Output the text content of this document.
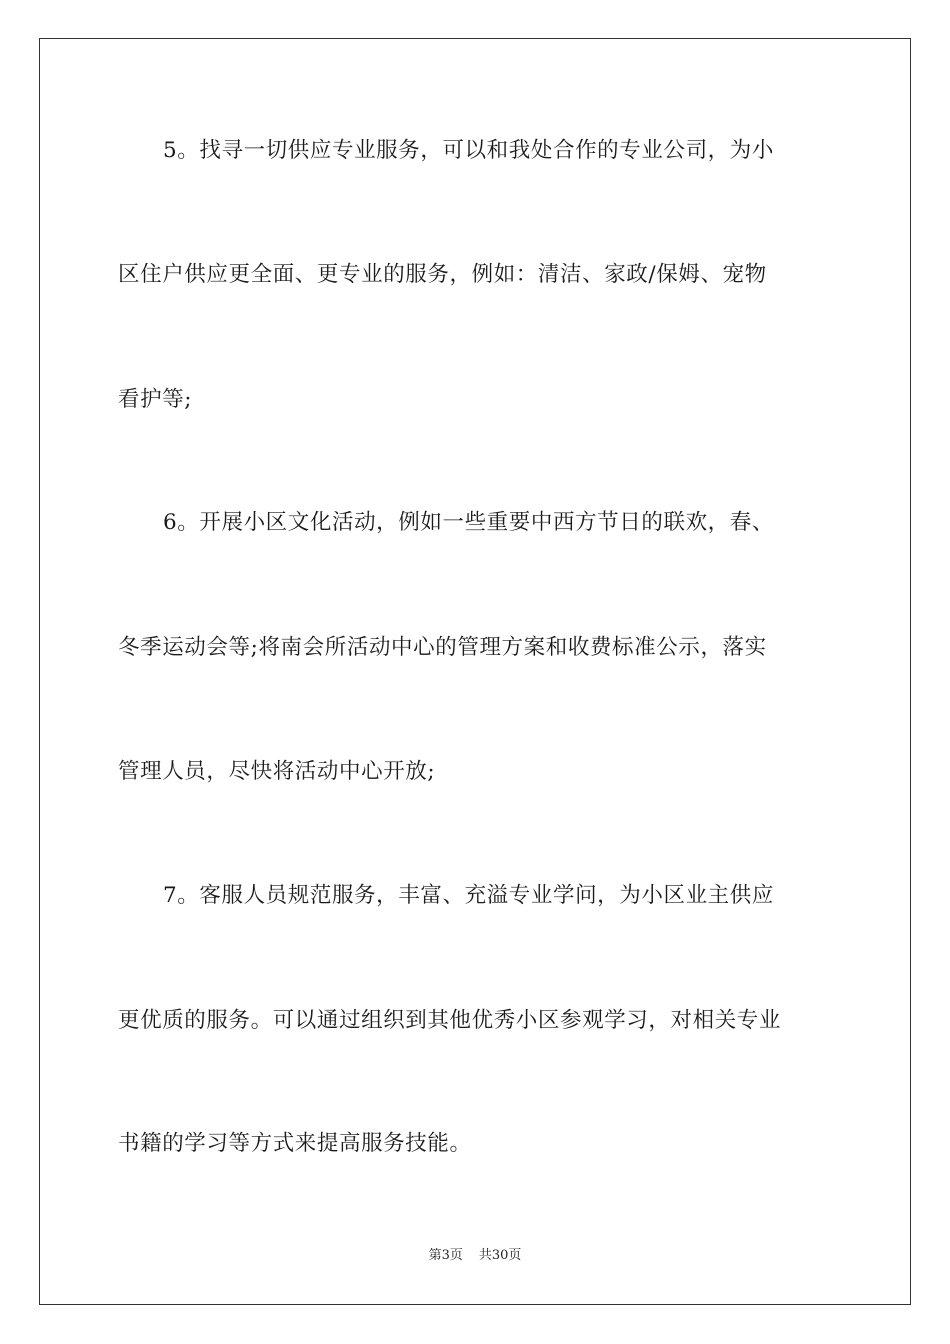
5。找寻一切供应专业服务，可以和我处合作的专业公司，为小
区住户供应更全面、更专业的服务，例如：清洁、家政/保姆、宠物
看护等;
6。开展小区文化活动，例如一些重要中西方节日的联欢，春、
冬季运动会等;将南会所活动中心的管理方案和收费标准公示，落实
管理人员，尽快将活动中心开放;
7。客服人员规范服务，丰富、充溢专业学问，为小区业主供应
更优质的服务。可以通过组织到其他优秀小区参观学习，对相关专业
书籍的学习等方式来提高服务技能。
第3页 共30页
